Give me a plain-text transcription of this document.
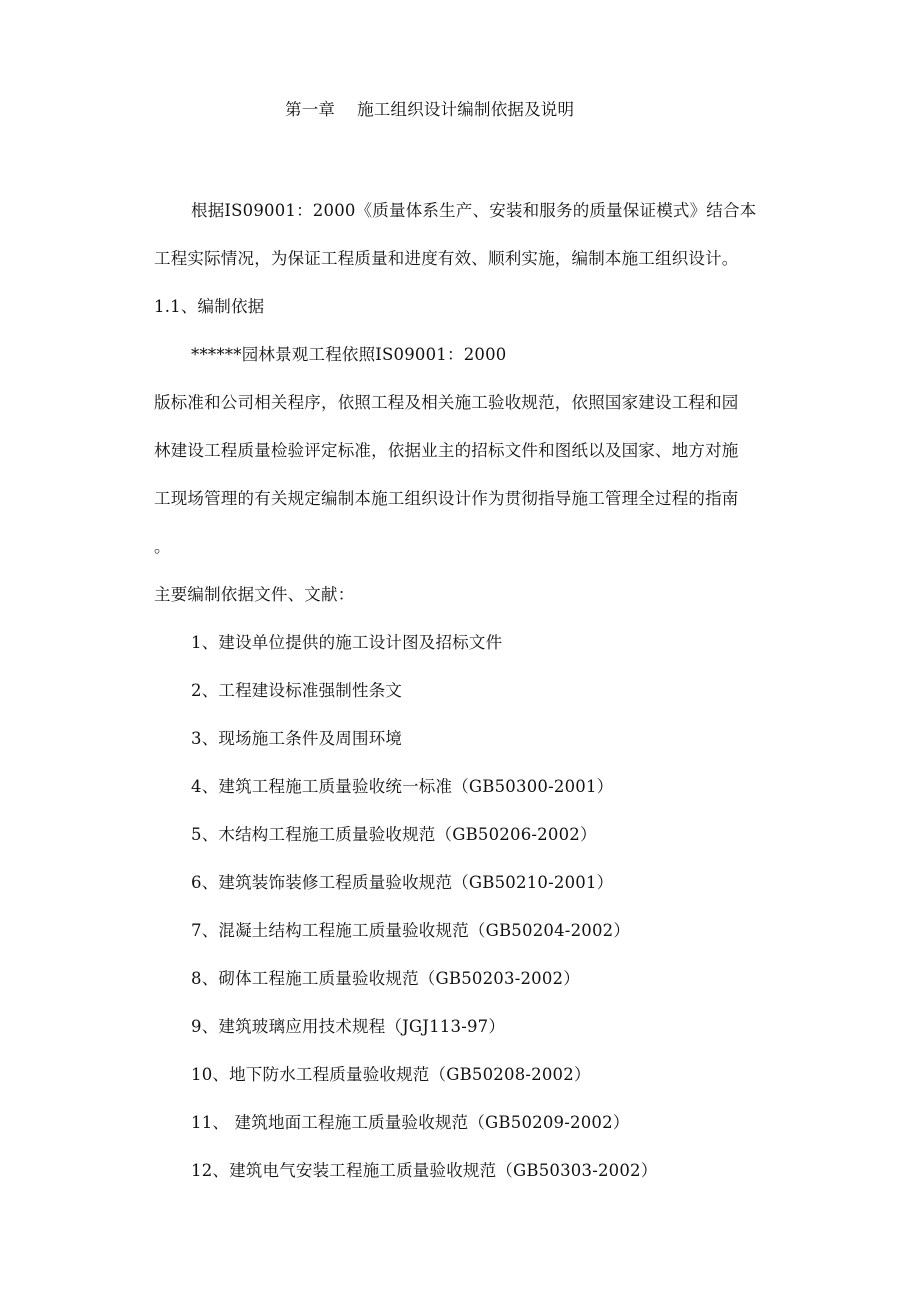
第一章 施工组织设计编制依据及说明
根据IS09001：2000《质量体系生产、安装和服务的质量保证模式》结合本
工程实际情况，为保证工程质量和进度有效、顺利实施，编制本施工组织设计。
1.1、编制依据
******园林景观工程依照IS09001：2000
版标准和公司相关程序，依照工程及相关施工验收规范，依照国家建设工程和园
林建设工程质量检验评定标准，依据业主的招标文件和图纸以及国家、地方对施
工现场管理的有关规定编制本施工组织设计作为贯彻指导施工管理全过程的指南
。
主要编制依据文件、文献：
1、建设单位提供的施工设计图及招标文件
2、工程建设标准强制性条文
3、现场施工条件及周围环境
4、建筑工程施工质量验收统一标准（GB50300-2001）
5、木结构工程施工质量验收规范（GB50206-2002）
6、建筑装饰装修工程质量验收规范（GB50210-2001）
7、混凝土结构工程施工质量验收规范（GB50204-2002）
8、砌体工程施工质量验收规范（GB50203-2002）
9、建筑玻璃应用技术规程（JGJ113-97）
10、地下防水工程质量验收规范（GB50208-2002）
11、 建筑地面工程施工质量验收规范（GB50209-2002）
12、建筑电气安装工程施工质量验收规范（GB50303-2002）
